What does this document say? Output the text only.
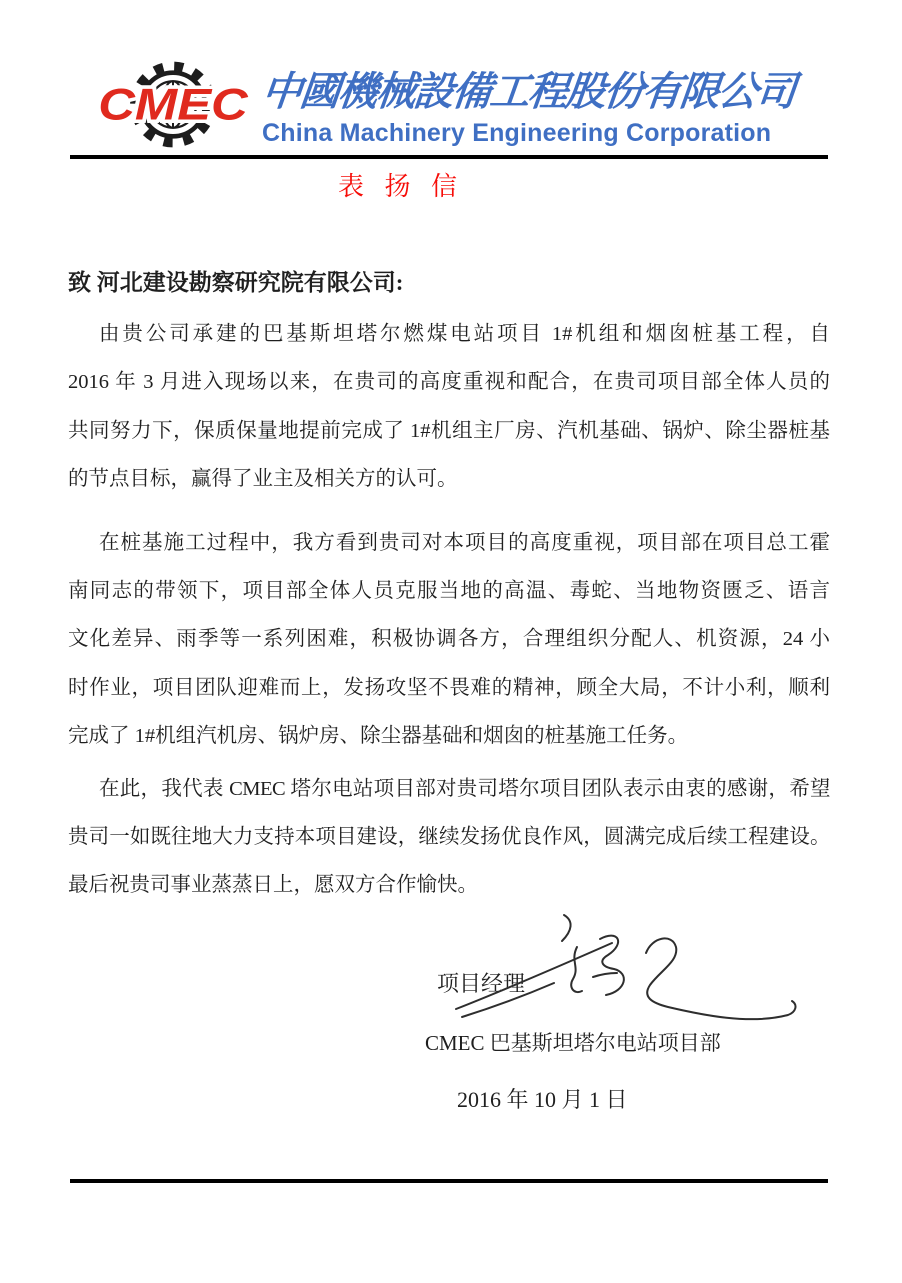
CMEC 中國機械設備工程股份有限公司
China Machinery Engineering Corporation
表 扬 信
致 河北建设勘察研究院有限公司:

由贵公司承建的巴基斯坦塔尔燃煤电站项目 1#机组和烟囱桩基工程，自
2016 年 3 月进入现场以来，在贵司的高度重视和配合，在贵司项目部全体人员的
共同努力下，保质保量地提前完成了 1#机组主厂房、汽机基础、锅炉、除尘器桩基
的节点目标，赢得了业主及相关方的认可。

在桩基施工过程中，我方看到贵司对本项目的高度重视，项目部在项目总工霍
南同志的带领下，项目部全体人员克服当地的高温、毒蛇、当地物资匮乏、语言
文化差异、雨季等一系列困难，积极协调各方，合理组织分配人、机资源，24 小
时作业，项目团队迎难而上，发扬攻坚不畏难的精神，顾全大局，不计小利，顺利
完成了 1#机组汽机房、锅炉房、除尘器基础和烟囱的桩基施工任务。

在此，我代表 CMEC 塔尔电站项目部对贵司塔尔项目团队表示由衷的感谢，希望
贵司一如既往地大力支持本项目建设，继续发扬优良作风，圆满完成后续工程建设。
最后祝贵司事业蒸蒸日上，愿双方合作愉快。

项目经理
CMEC 巴基斯坦塔尔电站项目部
2016 年 10 月 1 日
